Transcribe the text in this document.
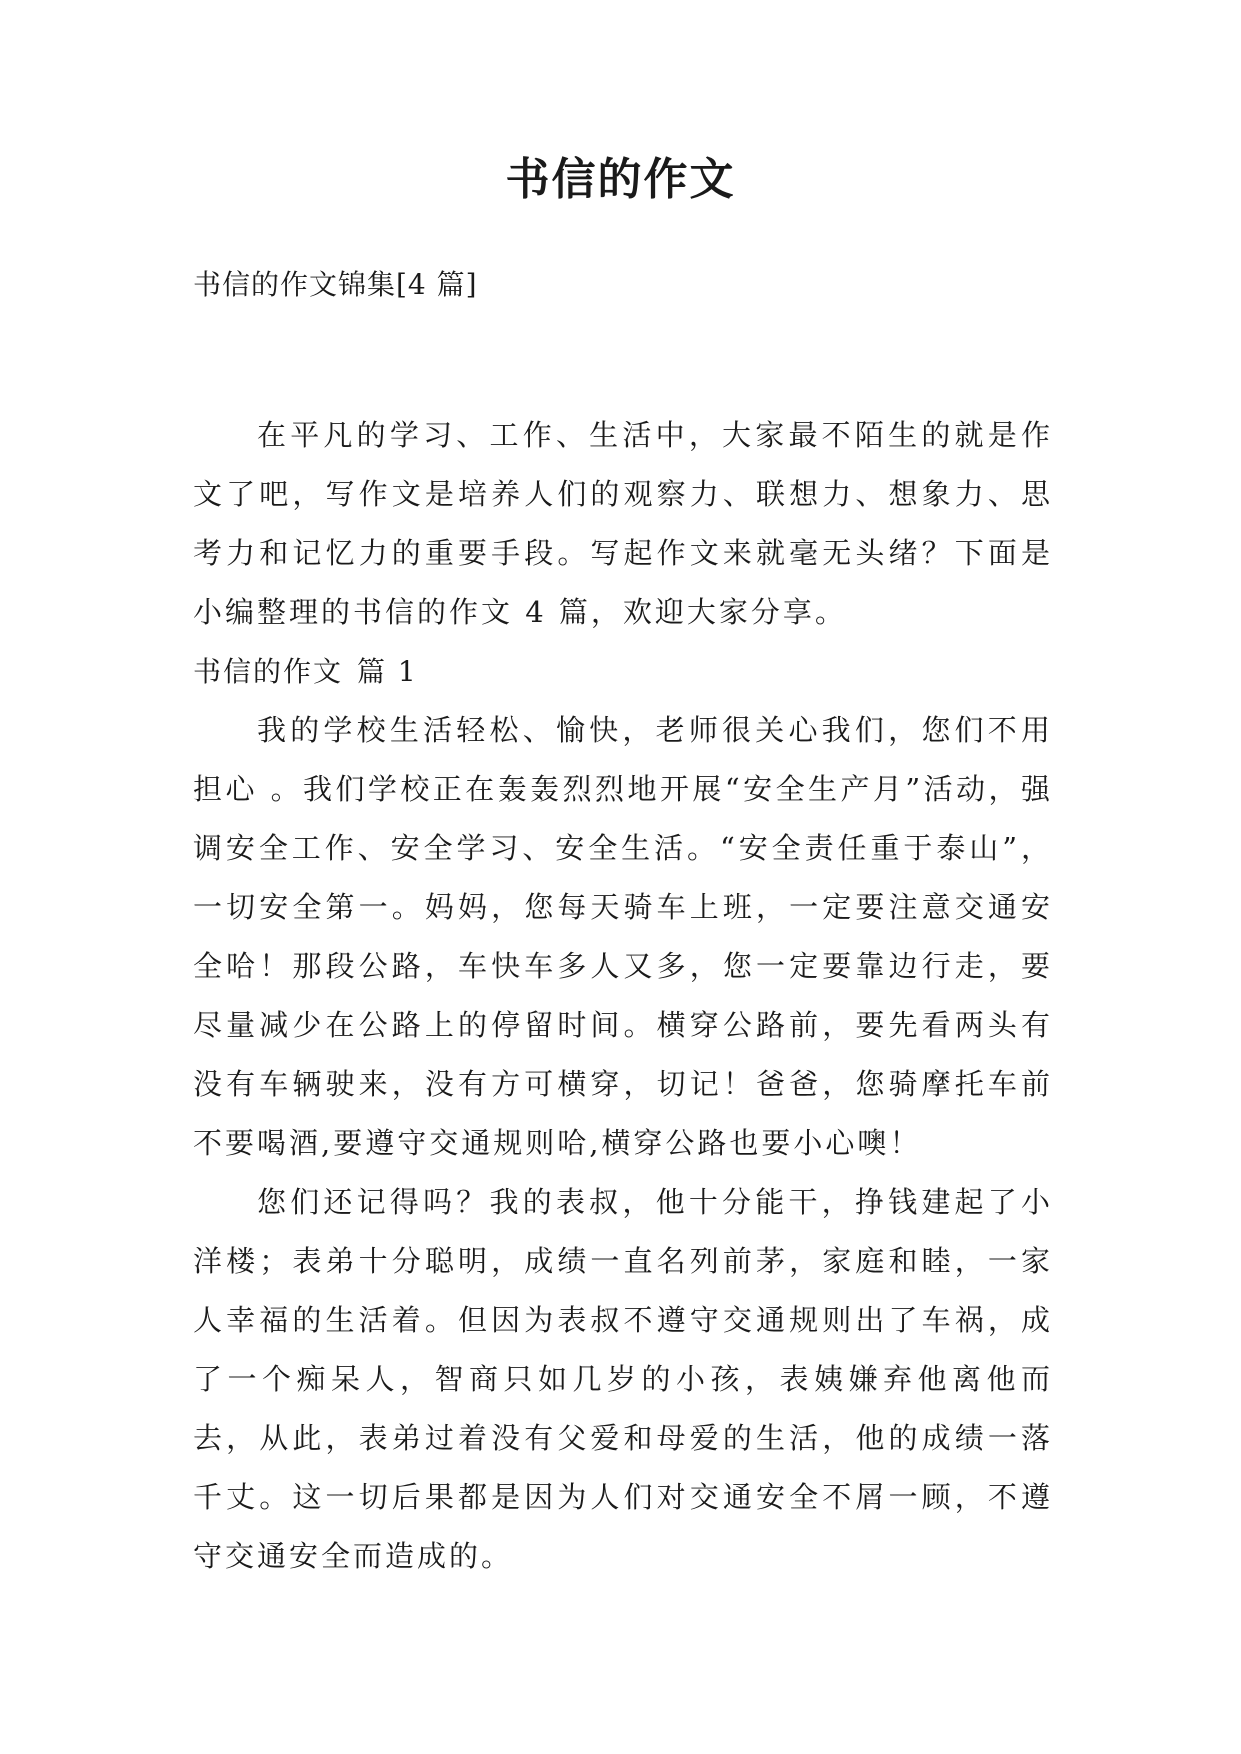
书信的作文

书信的作文锦集[4 篇]

在平凡的学习、工作、生活中，大家最不陌生的就是作文了吧，写作文是培养人们的观察力、联想力、想象力、思考力和记忆力的重要手段。写起作文来就毫无头绪？下面是小编整理的书信的作文 4 篇，欢迎大家分享。

书信的作文 篇 1

我的学校生活轻松、愉快，老师很关心我们，您们不用担心 。我们学校正在轰轰烈烈地开展“安全生产月”活动，强调安全工作、安全学习、安全生活。“安全责任重于泰山”，一切安全第一。妈妈，您每天骑车上班，一定要注意交通安全哈！那段公路，车快车多人又多，您一定要靠边行走，要尽量减少在公路上的停留时间。横穿公路前，要先看两头有没有车辆驶来，没有方可横穿，切记！爸爸，您骑摩托车前不要喝酒,要遵守交通规则哈,横穿公路也要小心噢！

您们还记得吗？我的表叔，他十分能干，挣钱建起了小洋楼；表弟十分聪明，成绩一直名列前茅，家庭和睦，一家人幸福的生活着。但因为表叔不遵守交通规则出了车祸，成了一个痴呆人，智商只如几岁的小孩，表姨嫌弃他离他而去，从此，表弟过着没有父爱和母爱的生活，他的成绩一落千丈。这一切后果都是因为人们对交通安全不屑一顾，不遵守交通安全而造成的。
